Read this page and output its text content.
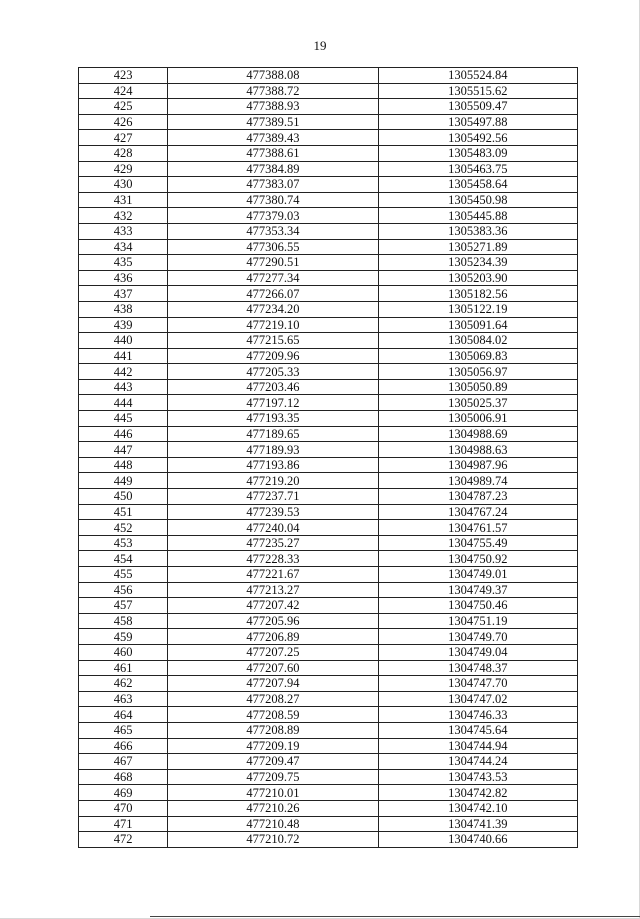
19
423	477388.08	1305524.84
424	477388.72	1305515.62
425	477388.93	1305509.47
426	477389.51	1305497.88
427	477389.43	1305492.56
428	477388.61	1305483.09
429	477384.89	1305463.75
430	477383.07	1305458.64
431	477380.74	1305450.98
432	477379.03	1305445.88
433	477353.34	1305383.36
434	477306.55	1305271.89
435	477290.51	1305234.39
436	477277.34	1305203.90
437	477266.07	1305182.56
438	477234.20	1305122.19
439	477219.10	1305091.64
440	477215.65	1305084.02
441	477209.96	1305069.83
442	477205.33	1305056.97
443	477203.46	1305050.89
444	477197.12	1305025.37
445	477193.35	1305006.91
446	477189.65	1304988.69
447	477189.93	1304988.63
448	477193.86	1304987.96
449	477219.20	1304989.74
450	477237.71	1304787.23
451	477239.53	1304767.24
452	477240.04	1304761.57
453	477235.27	1304755.49
454	477228.33	1304750.92
455	477221.67	1304749.01
456	477213.27	1304749.37
457	477207.42	1304750.46
458	477205.96	1304751.19
459	477206.89	1304749.70
460	477207.25	1304749.04
461	477207.60	1304748.37
462	477207.94	1304747.70
463	477208.27	1304747.02
464	477208.59	1304746.33
465	477208.89	1304745.64
466	477209.19	1304744.94
467	477209.47	1304744.24
468	477209.75	1304743.53
469	477210.01	1304742.82
470	477210.26	1304742.10
471	477210.48	1304741.39
472	477210.72	1304740.66
